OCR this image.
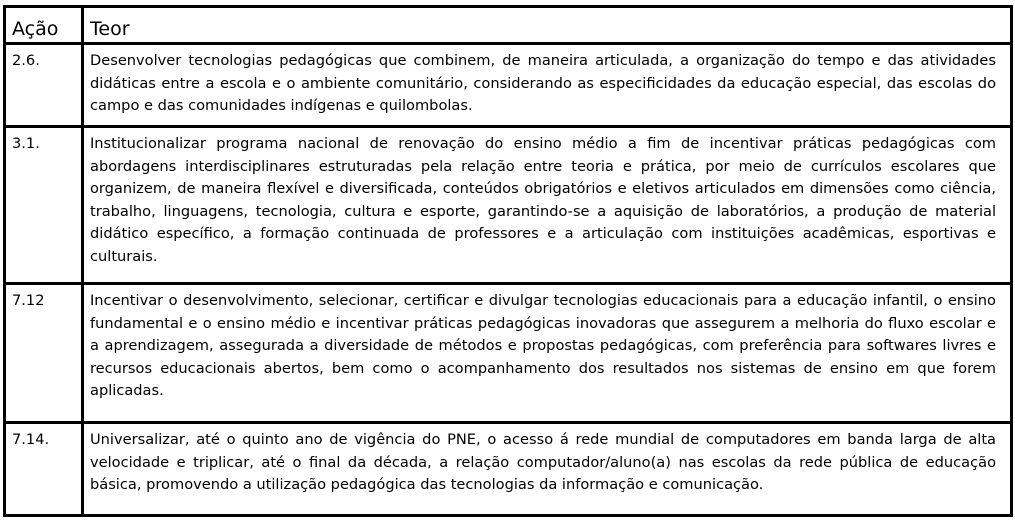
Ação	Teor
2.6.	Desenvolver tecnologias pedagógicas que combinem, de maneira articulada, a organização do tempo e das atividades didáticas entre a escola e o ambiente comunitário, considerando as especificidades da educação especial, das escolas do campo e das comunidades indígenas e quilombolas.
3.1.	Institucionalizar programa nacional de renovação do ensino médio a fim de incentivar práticas pedagógicas com abordagens interdisciplinares estruturadas pela relação entre teoria e prática, por meio de currículos escolares que organizem, de maneira flexível e diversificada, conteúdos obrigatórios e eletivos articulados em dimensões como ciência, trabalho, linguagens, tecnologia, cultura e esporte, garantindo-se a aquisição de laboratórios, a produção de material didático específico, a formação continuada de professores e a articulação com instituições acadêmicas, esportivas e culturais.
7.12	Incentivar o desenvolvimento, selecionar, certificar e divulgar tecnologias educacionais para a educação infantil, o ensino fundamental e o ensino médio e incentivar práticas pedagógicas inovadoras que assegurem a melhoria do fluxo escolar e a aprendizagem, assegurada a diversidade de métodos e propostas pedagógicas, com preferência para softwares livres e recursos educacionais abertos, bem como o acompanhamento dos resultados nos sistemas de ensino em que forem aplicadas.
7.14.	Universalizar, até o quinto ano de vigência do PNE, o acesso á rede mundial de computadores em banda larga de alta velocidade e triplicar, até o final da década, a relação computador/aluno(a) nas escolas da rede pública de educação básica, promovendo a utilização pedagógica das tecnologias da informação e comunicação.
